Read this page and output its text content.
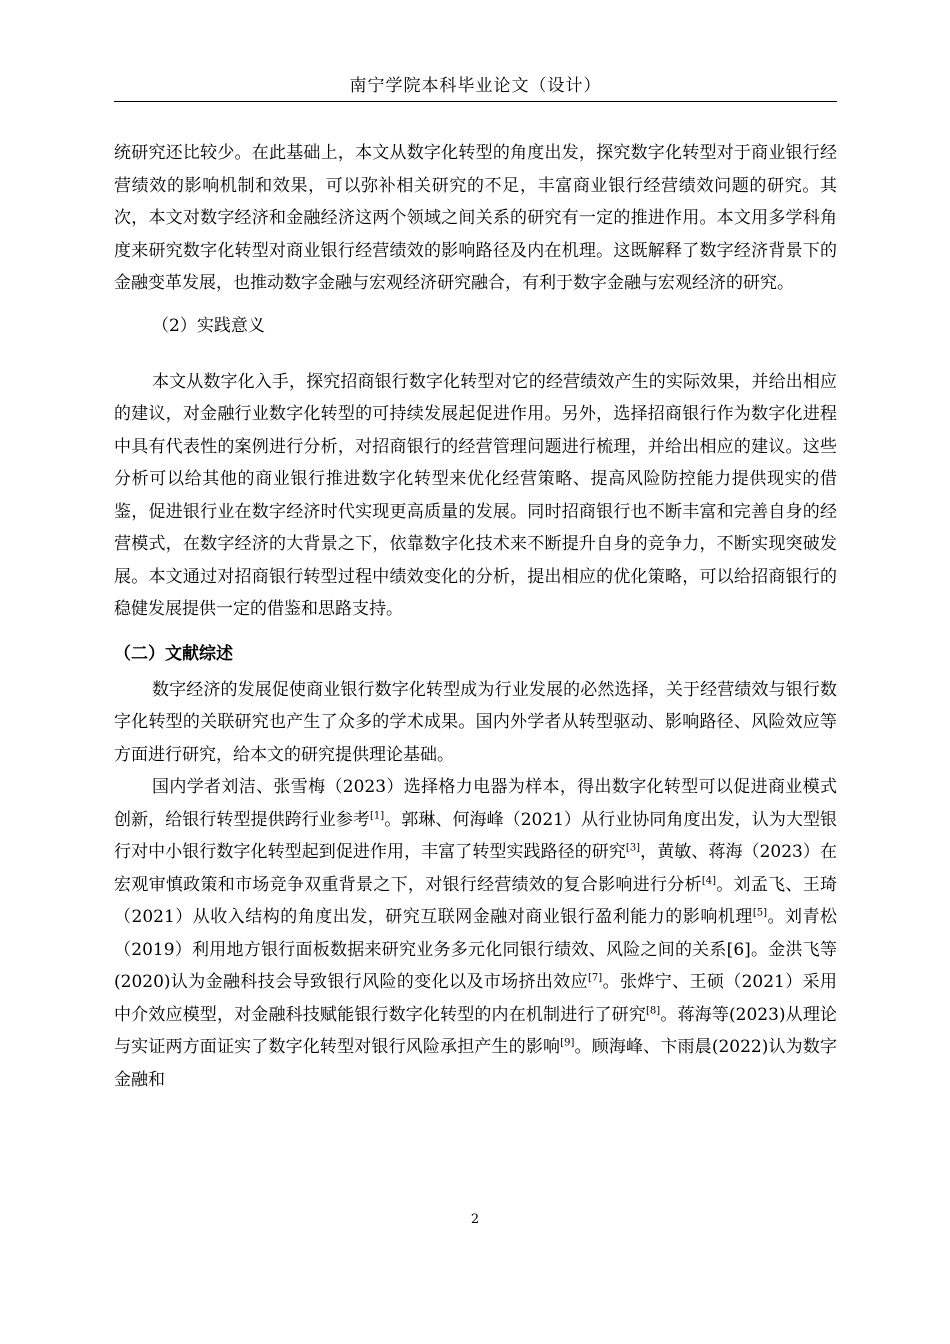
南宁学院本科毕业论文（设计）

统研究还比较少。在此基础上，本文从数字化转型的角度出发，探究数字化转型对于商业银行经营绩效的影响机制和效果，可以弥补相关研究的不足，丰富商业银行经营绩效问题的研究。其次，本文对数字经济和金融经济这两个领域之间关系的研究有一定的推进作用。本文用多学科角度来研究数字化转型对商业银行经营绩效的影响路径及内在机理。这既解释了数字经济背景下的金融变革发展，也推动数字金融与宏观经济研究融合，有利于数字金融与宏观经济的研究。

（2）实践意义

本文从数字化入手，探究招商银行数字化转型对它的经营绩效产生的实际效果，并给出相应的建议，对金融行业数字化转型的可持续发展起促进作用。另外，选择招商银行作为数字化进程中具有代表性的案例进行分析，对招商银行的经营管理问题进行梳理，并给出相应的建议。这些分析可以给其他的商业银行推进数字化转型来优化经营策略、提高风险防控能力提供现实的借鉴，促进银行业在数字经济时代实现更高质量的发展。同时招商银行也不断丰富和完善自身的经营模式，在数字经济的大背景之下，依靠数字化技术来不断提升自身的竞争力，不断实现突破发展。本文通过对招商银行转型过程中绩效变化的分析，提出相应的优化策略，可以给招商银行的稳健发展提供一定的借鉴和思路支持。

（二）文献综述

数字经济的发展促使商业银行数字化转型成为行业发展的必然选择，关于经营绩效与银行数字化转型的关联研究也产生了众多的学术成果。国内外学者从转型驱动、影响路径、风险效应等方面进行研究，给本文的研究提供理论基础。

国内学者刘洁、张雪梅（2023）选择格力电器为样本，得出数字化转型可以促进商业模式创新，给银行转型提供跨行业参考[1]。郭琳、何海峰（2021）从行业协同角度出发，认为大型银行对中小银行数字化转型起到促进作用，丰富了转型实践路径的研究[3]，黄敏、蒋海（2023）在宏观审慎政策和市场竞争双重背景之下，对银行经营绩效的复合影响进行分析[4]。刘孟飞、王琦（2021）从收入结构的角度出发，研究互联网金融对商业银行盈利能力的影响机理[5]。刘青松（2019）利用地方银行面板数据来研究业务多元化同银行绩效、风险之间的关系[6]。金洪飞等(2020)认为金融科技会导致银行风险的变化以及市场挤出效应[7]。张烨宁、王硕（2021）采用中介效应模型，对金融科技赋能银行数字化转型的内在机制进行了研究[8]。蒋海等(2023)从理论与实证两方面证实了数字化转型对银行风险承担产生的影响[9]。顾海峰、卞雨晨(2022)认为数字金融和

2
